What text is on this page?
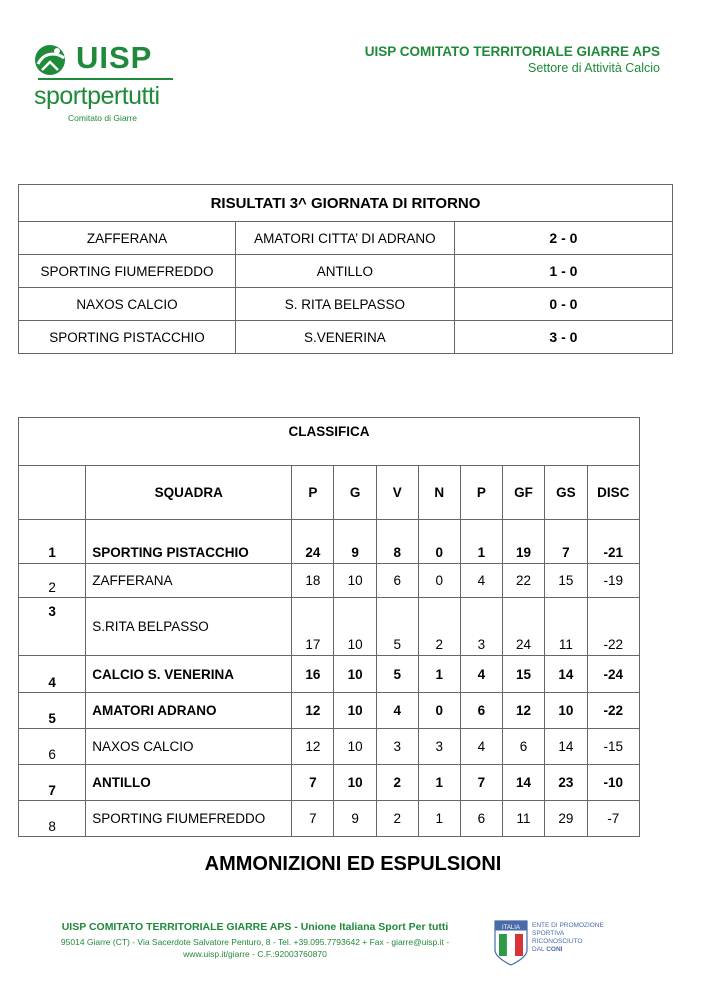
UISP
sportpertutti
Comitato di Giarre
UISP COMITATO TERRITORIALE GIARRE APS
Settore di Attività Calcio
RISULTATI 3^ GIORNATA DI RITORNO		
ZAFFERANA	AMATORI CITTA’ DI ADRANO	2 - 0
SPORTING FIUMEFREDDO	ANTILLO	1 - 0
NAXOS CALCIO	S. RITA BELPASSO	0 - 0
SPORTING PISTACCHIO	S.VENERINA	3 - 0
CLASSIFICA									
	SQUADRA	P	G	V	N	P	GF	GS	DISC
1	SPORTING PISTACCHIO	24	9	8	0	1	19	7	-21
2	ZAFFERANA	18	10	6	0	4	22	15	-19
3	S.RITA BELPASSO	17	10	5	2	3	24	11	-22
4	CALCIO S. VENERINA	16	10	5	1	4	15	14	-24
5	AMATORI ADRANO	12	10	4	0	6	12	10	-22
6	NAXOS CALCIO	12	10	3	3	4	6	14	-15
7	ANTILLO	7	10	2	1	7	14	23	-10
8	SPORTING FIUMEFREDDO	7	9	2	1	6	11	29	-7
AMMONIZIONI ED ESPULSIONI
UISP COMITATO TERRITORIALE GIARRE APS - Unione Italiana Sport Per tutti
95014 Giarre (CT) - Via Sacerdote Salvatore Penturo, 8 - Tel. +39.095.7793642 + Fax - giarre@uisp.it - www.uisp.it/giarre - C.F.:92003760870
ITALIA ENTE DI PROMOZIONE
SPORTIVA
RICONOSCIUTO
DAL CONI
